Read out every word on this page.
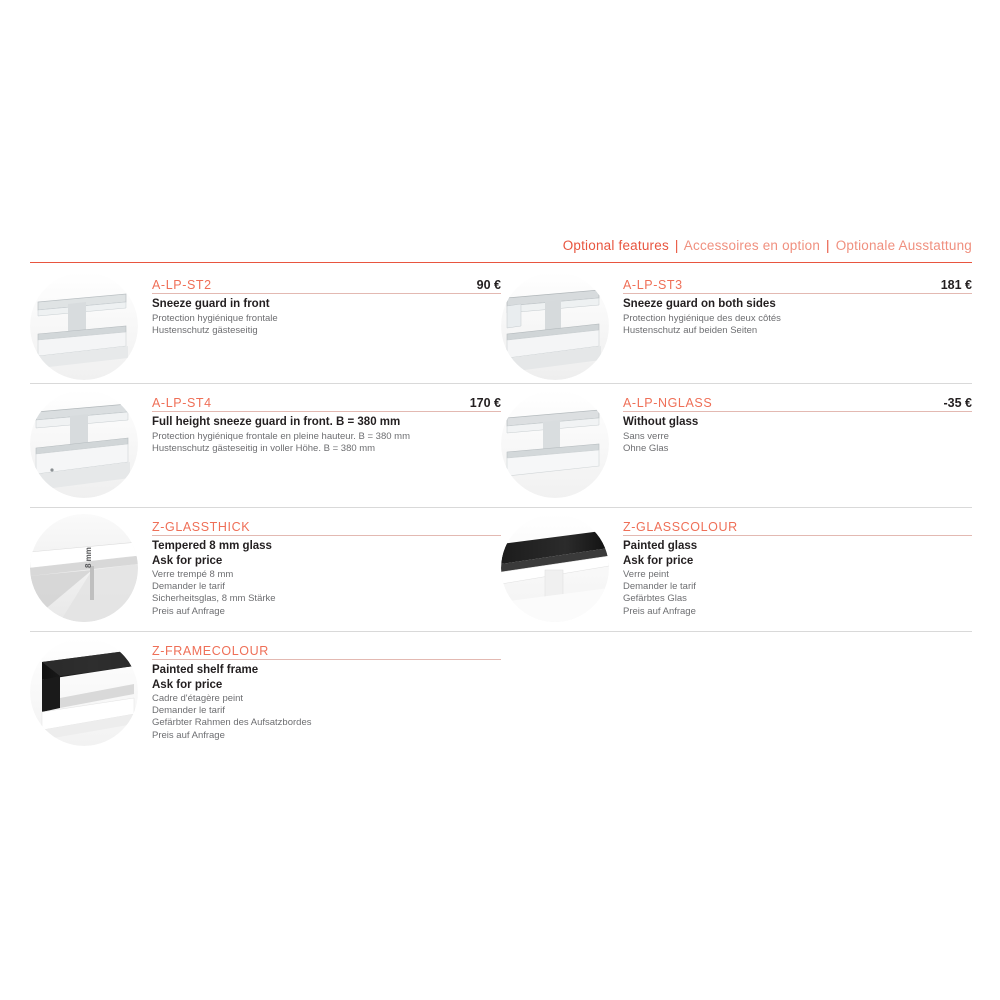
Optional features | Accessoires en option | Optionale Ausstattung
A-LP-ST2	90 €
Sneeze guard in front
Protection hygiénique frontale
Hustenschutz gästeseitig
A-LP-ST3	181 €
Sneeze guard on both sides
Protection hygiénique des deux côtés
Hustenschutz auf beiden Seiten
A-LP-ST4	170 €
Full height sneeze guard in front. B = 380 mm
Protection hygiénique frontale en pleine hauteur. B = 380 mm
Hustenschutz gästeseitig in voller Höhe. B = 380 mm
A-LP-NGLASS	-35 €
Without glass
Sans verre
Ohne Glas
8 mm
Z-GLASSTHICK
Tempered 8 mm glass
Ask for price
Verre trempé 8 mm
Demander le tarif
Sicherheitsglas, 8 mm Stärke
Preis auf Anfrage
Z-GLASSCOLOUR
Painted glass
Ask for price
Verre peint
Demander le tarif
Gefärbtes Glas
Preis auf Anfrage
Z-FRAMECOLOUR
Painted shelf frame
Ask for price
Cadre d'étagère peint
Demander le tarif
Gefärbter Rahmen des Aufsatzbordes
Preis auf Anfrage
